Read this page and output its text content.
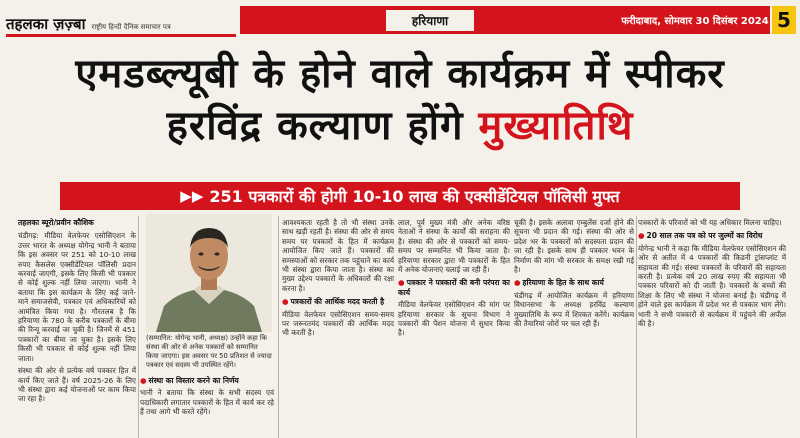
तहलका ज़ज़्बा राष्ट्रीय हिन्दी दैनिक समाचार पत्र	हरियाणा	फरीदाबाद, सोमवार 30 दिसंबर 2024 5
एमडब्ल्यूबी के होने वाले कार्यक्रम में स्पीकर
हरविंद्र कल्याण होंगे मुख्यातिथि
▶▶ 251 पत्रकारों की होगी 10-10 लाख की एक्सीडेंटियल पॉलिसी मुफ्त
तहलका ब्यूरो/प्रवीन कौशिक

चंडीगढ़: मीडिया वेलफेयर एसोसिएशन के उत्तर भारत के अध्यक्ष योगेन्द्र भानी ने बताया कि इस अवसर पर 251 को 10-10 लाख रुपए कैसलेस एक्सीडेंटियल पॉलिसी प्रदान करवाई जाएगी, इसके लिए किसी भी पत्रकार से कोई शुल्क नहीं लिया जाएगा। भानी ने बताया कि इस कार्यक्रम के लिए कई जाने-माने समाजसेवी, पत्रकार एवं अधिकारियों को आमंत्रित किया गया है। गौरतलब है कि हरियाणा के 780 के करीब पत्रकारों के बीमा की रिन्यू करवाई जा चुकी है। जिनमें से 451 पत्रकारों का बीमा जा चुका है। इसके लिए किसी भी पत्रकार से कोई शुल्क नहीं लिया जाता।

संस्था की ओर से प्रत्येक वर्ष पत्रकार हित में कार्य किए जाते हैं। वर्ष 2025-26 के लिए भी संस्था द्वारा कई योजनाओं पर काम किया जा रहा है।

(सम्मानित: योगेन्द्र भानी, अध्यक्ष) उन्होंने कहा कि संस्था की ओर से अनेक पत्रकारों को सम्मानित किया जाएगा। इस अवसर पर 50 प्रतिशत से ज्यादा पत्रकार एवं सदस्य भी उपस्थित रहेंगे।
● संस्था का विस्तार करने का निर्णय

भानी ने बताया कि संस्था के सभी सदस्य एवं पदाधिकारी लगातार पत्रकारों के हित में कार्य कर रहे हैं तथा आगे भी करते रहेंगे।

आवश्यकता रहती है तो भी संस्था उनके साथ खड़ी रहती है। संस्था की ओर से समय समय पर पत्रकारों के हित में कार्यक्रम आयोजित किए जाते हैं। पत्रकारों की समस्याओं को सरकार तक पहुंचाने का कार्य भी संस्था द्वारा किया जाता है। संस्था का मुख्य उद्देश्य पत्रकारों के अधिकारों की रक्षा करना है।

● पत्रकारों की आर्थिक मदद करती है

मीडिया वेलफेयर एसोसिएशन समय-समय पर जरूरतमंद पत्रकारों की आर्थिक मदद भी करती है।

लाल, पूर्व मुख्य मंत्री और अनेक वरिष्ठ नेताओं ने संस्था के कार्यों की सराहना की है। संस्था की ओर से पत्रकारों को समय-समय पर सम्मानित भी किया जाता है। हरियाणा सरकार द्वारा भी पत्रकारों के हित में अनेक योजनाएं चलाई जा रही हैं।

● पत्रकार ने पत्रकारों की बनी परंपरा का कार्य

मीडिया वेलफेयर एसोसिएशन की मांग पर हरियाणा सरकार के सूचना विभाग ने पत्रकारों की पेंशन योजना में सुधार किया है।

चूकी है। इसके अलावा एम्बुलेंस दर्जा होने की सूचना भी प्रदान की गई। संस्था की ओर से प्रदेश भर के पत्रकारों को सदस्यता प्रदान की जा रही है। इसके साथ ही पत्रकार भवन के निर्माण की मांग भी सरकार के समक्ष रखी गई है।

● हरियाणा के हित के साथ कार्य

चंडीगढ़ में आयोजित कार्यक्रम में हरियाणा विधानसभा के अध्यक्ष हरविंद्र कल्याण मुख्यातिथि के रूप में शिरकत करेंगे। कार्यक्रम की तैयारियां जोरों पर चल रही हैं।

पत्रकारों के परिवारों को भी यह अधिकार मिलना चाहिए।

● 20 साल तक पत्र को पर जुल्मों का विरोध

योगेन्द्र भानी ने कहा कि मीडिया वेलफेयर एसोसिएशन की ओर से अतीत में 4 पत्रकारों की किडनी ट्रांसप्लांट में सहायता की गई। संस्था पत्रकारों के परिवारों की सहायता करती है। प्रत्येक वर्ष 20 लाख रुपए की सहायता भी पत्रकार परिवारों को दी जाती है। पत्रकारों के बच्चों की शिक्षा के लिए भी संस्था ने योजना बनाई है। चंडीगढ़ में होने वाले इस कार्यक्रम में प्रदेश भर से पत्रकार भाग लेंगे। भानी ने सभी पत्रकारों से कार्यक्रम में पहुंचने की अपील की है।
